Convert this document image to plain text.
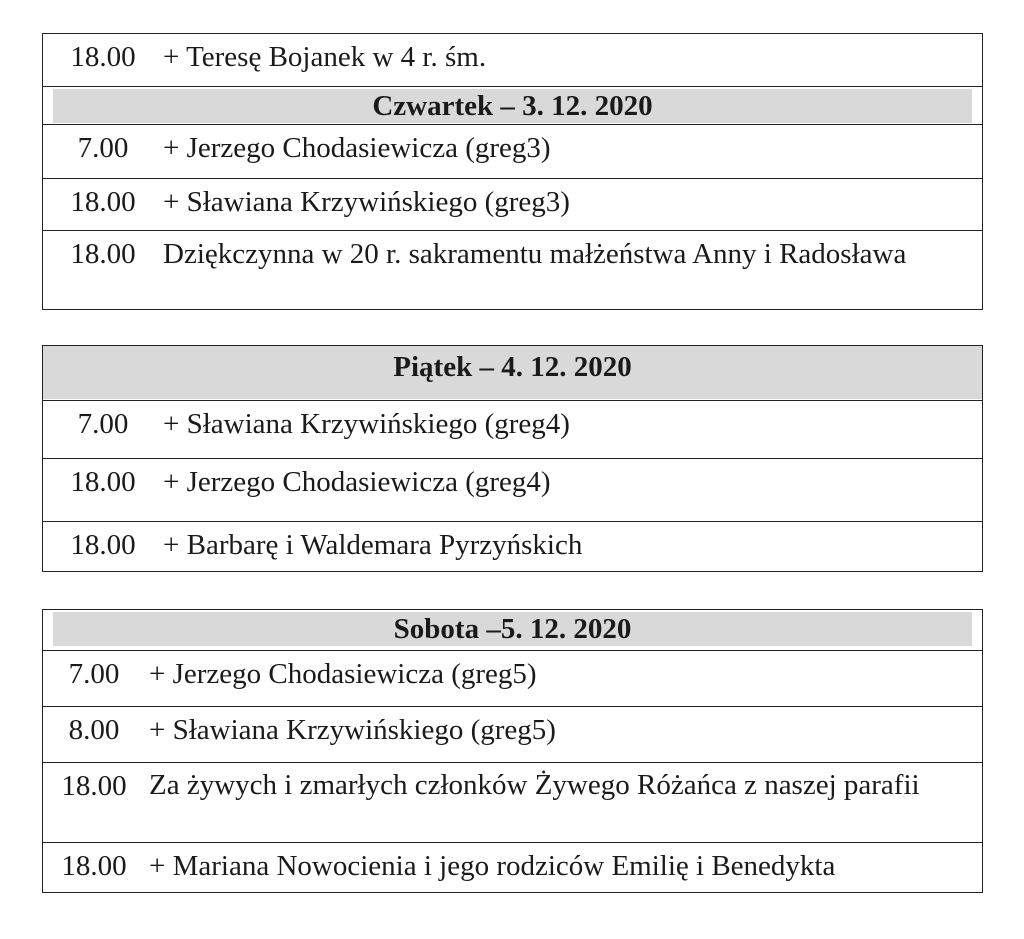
18.00 + Teresę Bojanek w 4 r. śm.
Czwartek – 3. 12. 2020
7.00	+ Jerzego Chodasiewicza (greg3)
18.00 + Sławiana Krzywińskiego (greg3)
18.00 Dziękczynna w 20 r. sakramentu małżeństwa Anny i Radosława
Piątek – 4. 12. 2020
7.00	+ Sławiana Krzywińskiego (greg4)
18.00 + Jerzego Chodasiewicza (greg4)
18.00 + Barbarę i Waldemara Pyrzyńskich
Sobota –5. 12. 2020
7.00	+ Jerzego Chodasiewicza (greg5)
8.00	+ Sławiana Krzywińskiego (greg5)
18.00 Za żywych i zmarłych członków Żywego Różańca z naszej parafii
18.00 + Mariana Nowocienia i jego rodziców Emilię i Benedykta
